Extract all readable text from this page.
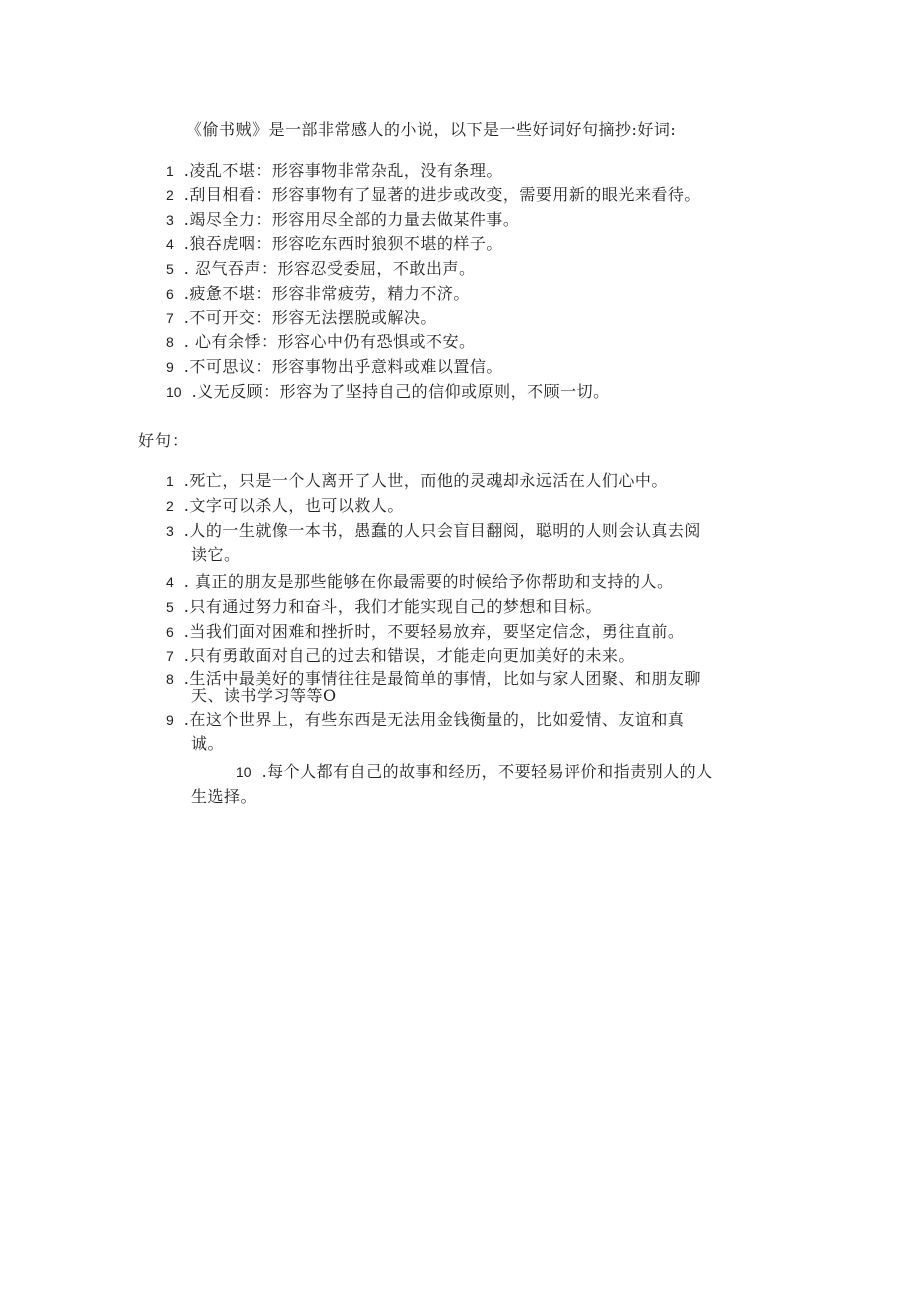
《偷书贼》是一部非常感人的小说，以下是一些好词好句摘抄:好词:
1 .凌乱不堪：形容事物非常杂乱，没有条理。
2 .刮目相看：形容事物有了显著的进步或改变，需要用新的眼光来看待。
3 .竭尽全力：形容用尽全部的力量去做某件事。
4 .狼吞虎咽：形容吃东西时狼狈不堪的样子。
5 . 忍气吞声：形容忍受委屈，不敢出声。
6 .疲惫不堪：形容非常疲劳，精力不济。
7 .不可开交：形容无法摆脱或解决。
8 . 心有余悸：形容心中仍有恐惧或不安。
9 .不可思议：形容事物出乎意料或难以置信。
10 .义无反顾：形容为了坚持自己的信仰或原则，不顾一切。
好句：
1 .死亡，只是一个人离开了人世，而他的灵魂却永远活在人们心中。
2 .文字可以杀人，也可以救人。
3 .人的一生就像一本书，愚蠢的人只会盲目翻阅，聪明的人则会认真去阅
读它。
4 . 真正的朋友是那些能够在你最需要的时候给予你帮助和支持的人。
5 .只有通过努力和奋斗，我们才能实现自己的梦想和目标。
6 .当我们面对困难和挫折时，不要轻易放弃，要坚定信念，勇往直前。
7 .只有勇敢面对自己的过去和错误，才能走向更加美好的未来。
8 .生活中最美好的事情往往是最简单的事情，比如与家人团聚、和朋友聊
天、读书学习等等O
9 .在这个世界上，有些东西是无法用金钱衡量的，比如爱情、友谊和真
诚。
10 .每个人都有自己的故事和经历，不要轻易评价和指责别人的人
生选择。
